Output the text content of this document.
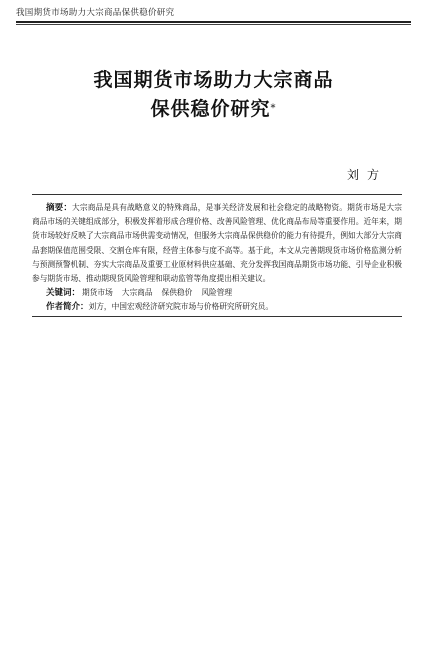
我国期货市场助力大宗商品保供稳价研究
我国期货市场助力大宗商品
保供稳价研究*
刘方

摘要：大宗商品是具有战略意义的特殊商品，是事关经济发展和社会稳定的战略物资。期货市场是大宗商品市场的关键组成部分，积极发挥着形成合理价格、改善风险管理、优化商品布局等重要作用。近年来，期货市场较好反映了大宗商品市场供需变动情况，但服务大宗商品保供稳价的能力有待提升，例如大部分大宗商品套期保值范围受限、交割仓库有限，经营主体参与度不高等。基于此，本文从完善期现货市场价格监测分析与预测预警机制、夯实大宗商品及重要工业原材料供应基础、充分发挥我国商品期货市场功能、引导企业积极参与期货市场、推动期现货风险管理和联动监管等角度提出相关建议。

关键词： 期货市场 大宗商品 保供稳价 风险管理

作者简介：刘方，中国宏观经济研究院市场与价格研究所研究员。
